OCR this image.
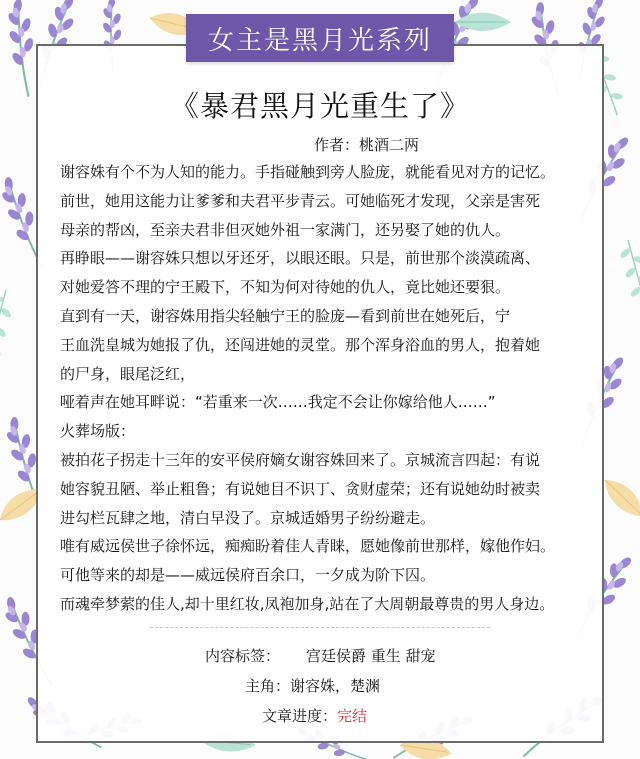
女主是黑月光系列
《暴君黑月光重生了》
作者：桃酒二两

谢容姝有个不为人知的能力。手指碰触到旁人脸庞，就能看见对方的记忆。

前世，她用这能力让爹爹和夫君平步青云。可她临死才发现，父亲是害死

母亲的帮凶，至亲夫君非但灭她外祖一家满门，还另娶了她的仇人。

再睁眼——谢容姝只想以牙还牙，以眼还眼。只是，前世那个淡漠疏离、

对她爱答不理的宁王殿下，不知为何对待她的仇人，竟比她还要狠。

直到有一天，谢容姝用指尖轻触宁王的脸庞—看到前世在她死后，宁

王血洗皇城为她报了仇，还闯进她的灵堂。那个浑身浴血的男人，抱着她

的尸身，眼尾泛红，

哑着声在她耳畔说：“若重来一次……我定不会让你嫁给他人……”

火葬场版：

被拍花子拐走十三年的安平侯府嫡女谢容姝回来了。京城流言四起：有说

她容貌丑陋、举止粗鲁；有说她目不识丁、贪财虚荣；还有说她幼时被卖

进勾栏瓦肆之地，清白早没了。京城适婚男子纷纷避走。

唯有威远侯世子徐怀远，痴痴盼着佳人青睐，愿她像前世那样，嫁他作妇。

可他等来的却是——威远侯府百余口，一夕成为阶下囚。

而魂牵梦萦的佳人,却十里红妆,凤袍加身,站在了大周朝最尊贵的男人身边。

内容标签： 宫廷侯爵 重生 甜宠
主角：谢容姝，楚渊
文章进度：完结
